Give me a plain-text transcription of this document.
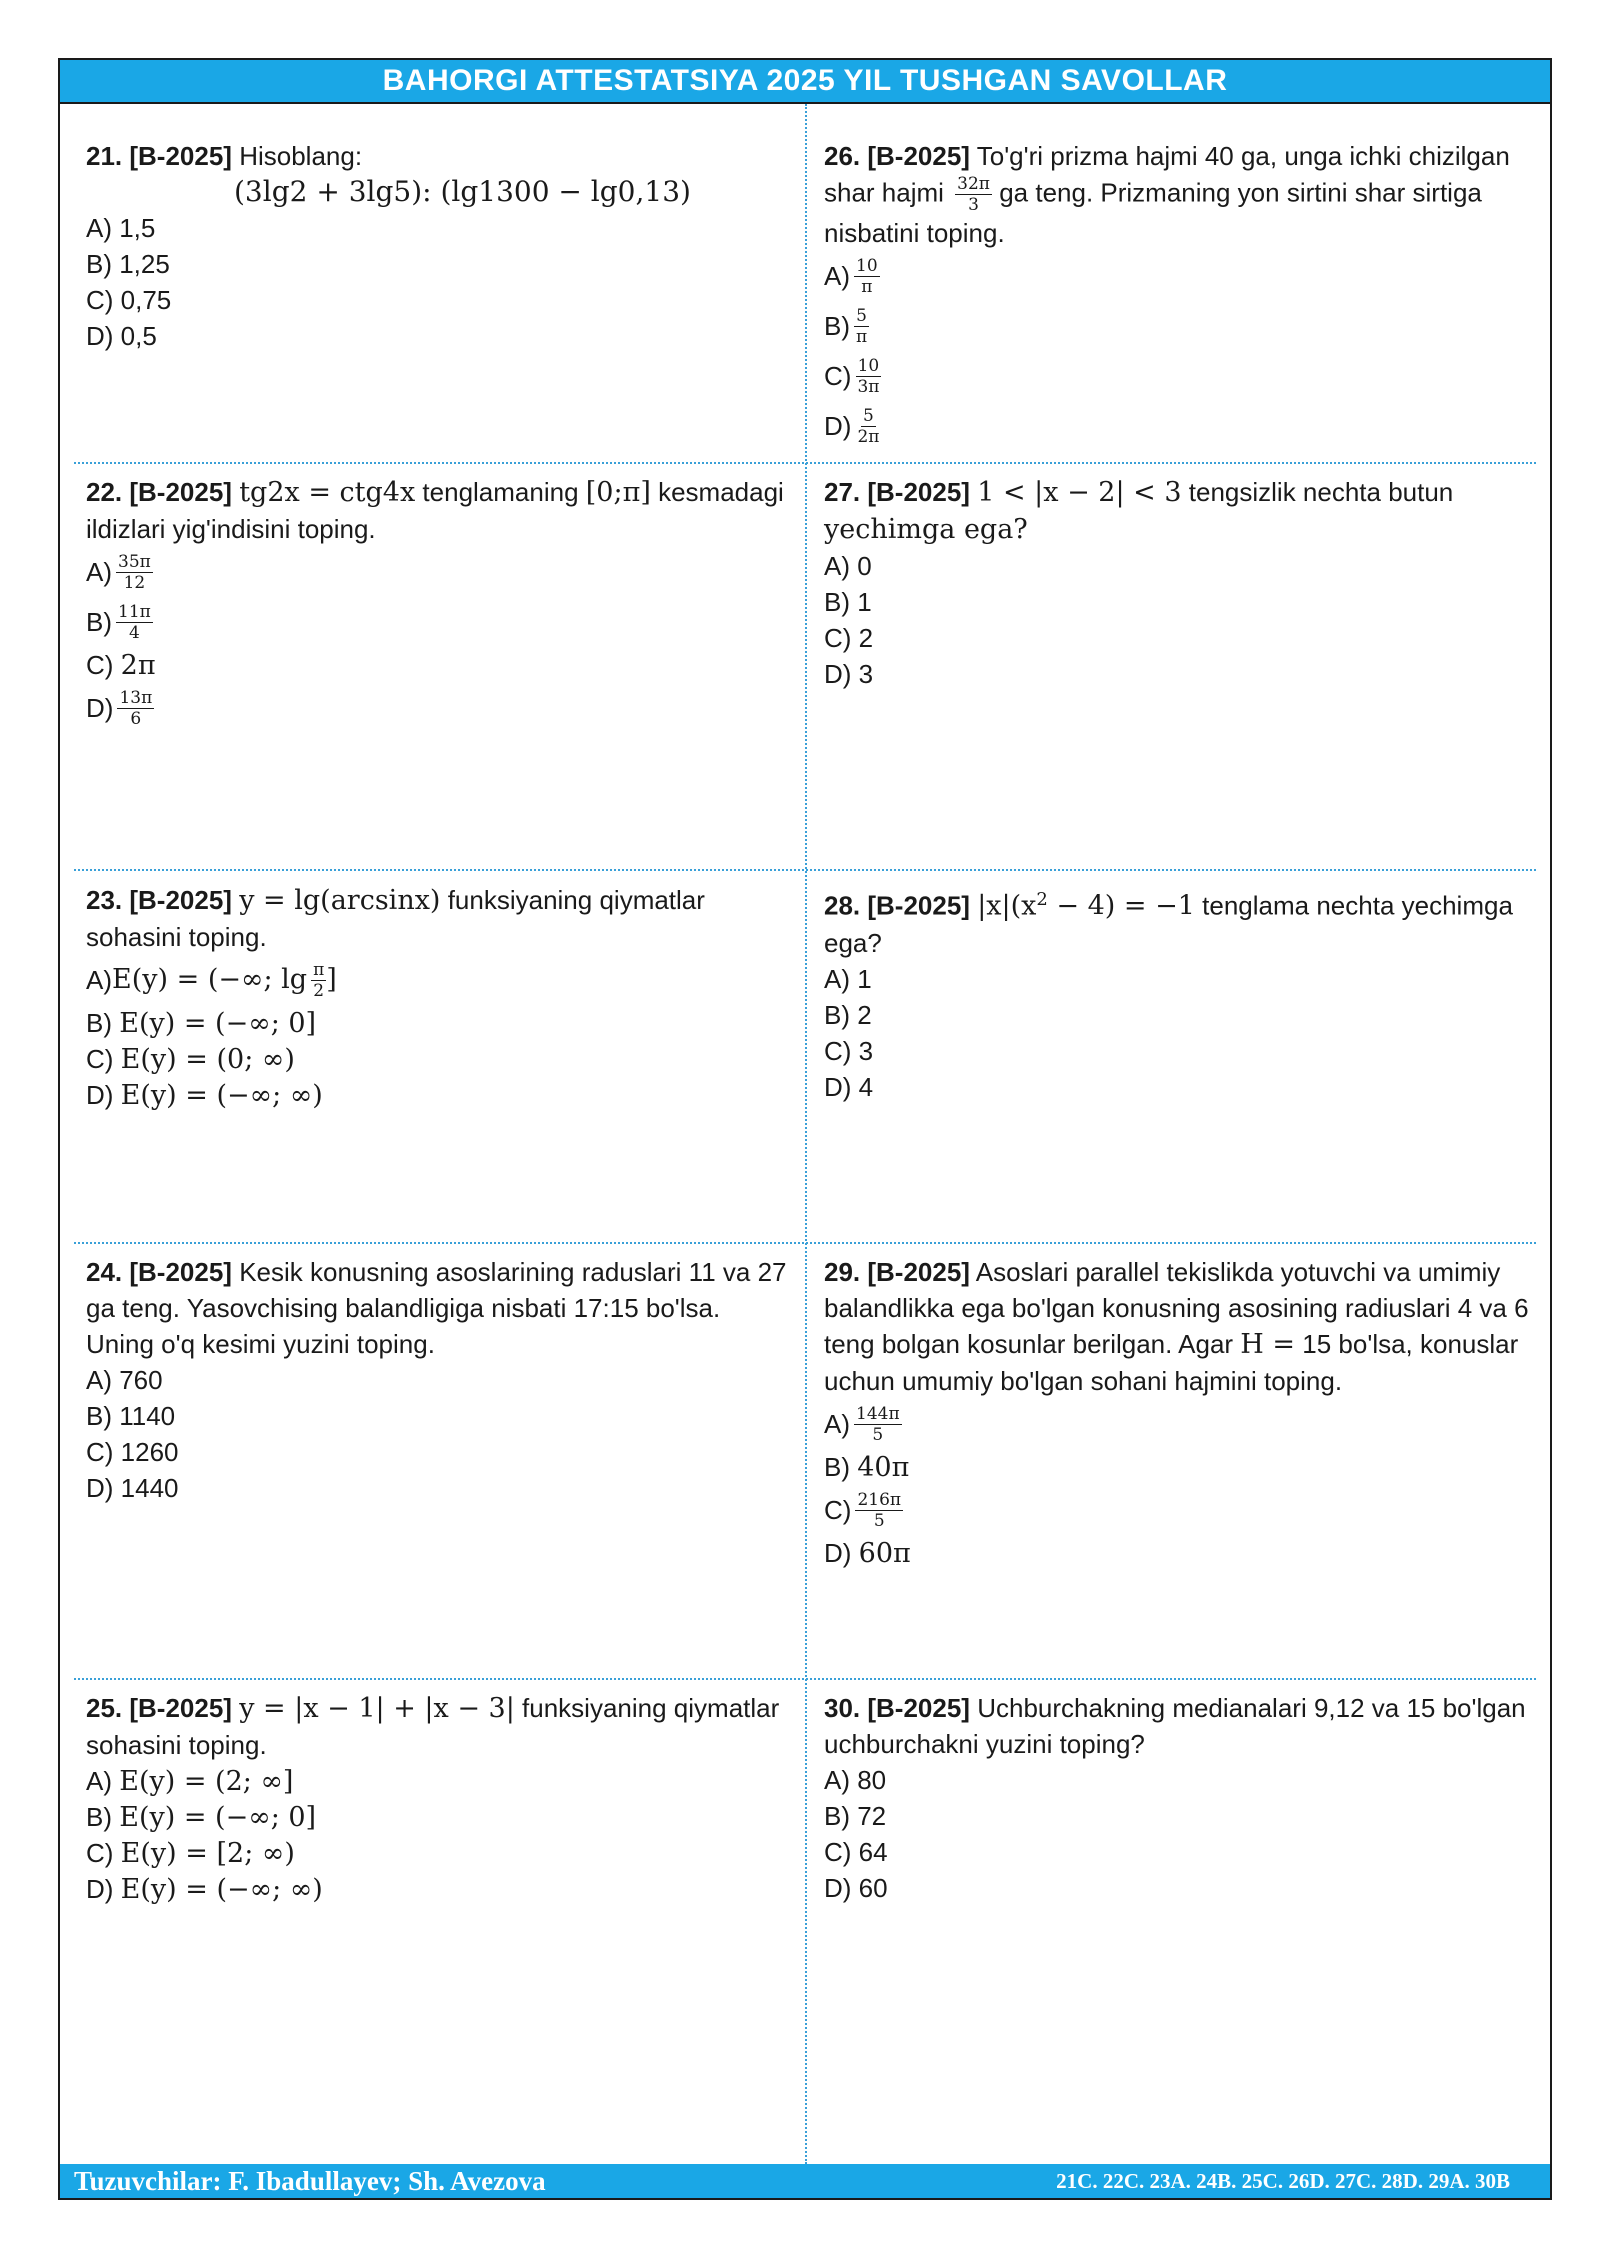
BAHORGI ATTESTATSIYA 2025 YIL TUSHGAN SAVOLLAR

21. [B-2025] Hisoblang:

(3lg2 + 3lg5): (lg1300 − lg0,13)

A) 1,5

B) 1,25

C) 0,75

D) 0,5

26. [B-2025] To'g'ri prizma hajmi 40 ga, unga ichki chizilgan shar hajmi $\frac{32\pi}{3}$ ga teng. Prizmaning yon sirtini shar sirtiga nisbatini toping.

$A) \frac{10}{\pi}$

$B) \frac{5}{\pi}$

$C) \frac{10}{3\pi}$

$D) \frac{5}{2\pi}$

22. [B-2025] tg2x = ctg4x tenglamaning [0;π] kesmadagi ildizlari yig'indisini toping.

$A) \frac{35\pi}{12}$

$B) \frac{11\pi}{4}$

C) 2π

$D) \frac{13\pi}{6}$

27. [B-2025] 1 < |x − 2| < 3 tengsizlik nechta butun yechimga ega?

A) 0

B) 1

C) 2

D) 3

23. [B-2025] y = lg(arcsinx) funksiyaning qiymatlar sohasini toping.

A) E(y) = (−∞; $\lg \frac{\pi}{2}$ ]

B) E(y) = (−∞; 0]

C) E(y) = (0; ∞)

D) E(y) = (−∞; ∞)

28. [B-2025] $|x|(x^2 - 4) = -1$ tenglama nechta yechimga ega?

A) 1

B) 2

C) 3

D) 4

24. [B-2025] Kesik konusning asoslarining raduslari 11 va 27 ga teng. Yasovchising balandligiga nisbati 17:15 bo'lsa. Uning o'q kesimi yuzini toping.

A) 760

B) 1140

C) 1260

D) 1440

29. [B-2025] Asoslari parallel tekislikda yotuvchi va umimiy balandlikka ega bo'lgan konusning asosining radiuslari 4 va 6 teng bolgan kosunlar berilgan. Agar H = 15 bo'lsa, konuslar uchun umumiy bo'lgan sohani hajmini toping.

$A) \frac{144\pi}{5}$

B) 40π

$C) \frac{216\pi}{5}$

D) 60π

25. [B-2025] y = |x − 1| + |x − 3| funksiyaning qiymatlar sohasini toping.

A) E(y) = (2; ∞]

B) E(y) = (−∞; 0]

C) E(y) = [2; ∞)

D) E(y) = (−∞; ∞)

30. [B-2025] Uchburchakning medianalari 9,12 va 15 bo'lgan uchburchakni yuzini toping?

A) 80

B) 72

C) 64

D) 60

Tuzuvchilar: F. Ibadullayev; Sh. Avezova	21C. 22C. 23A. 24B. 25C. 26D. 27C. 28D. 29A. 30B
